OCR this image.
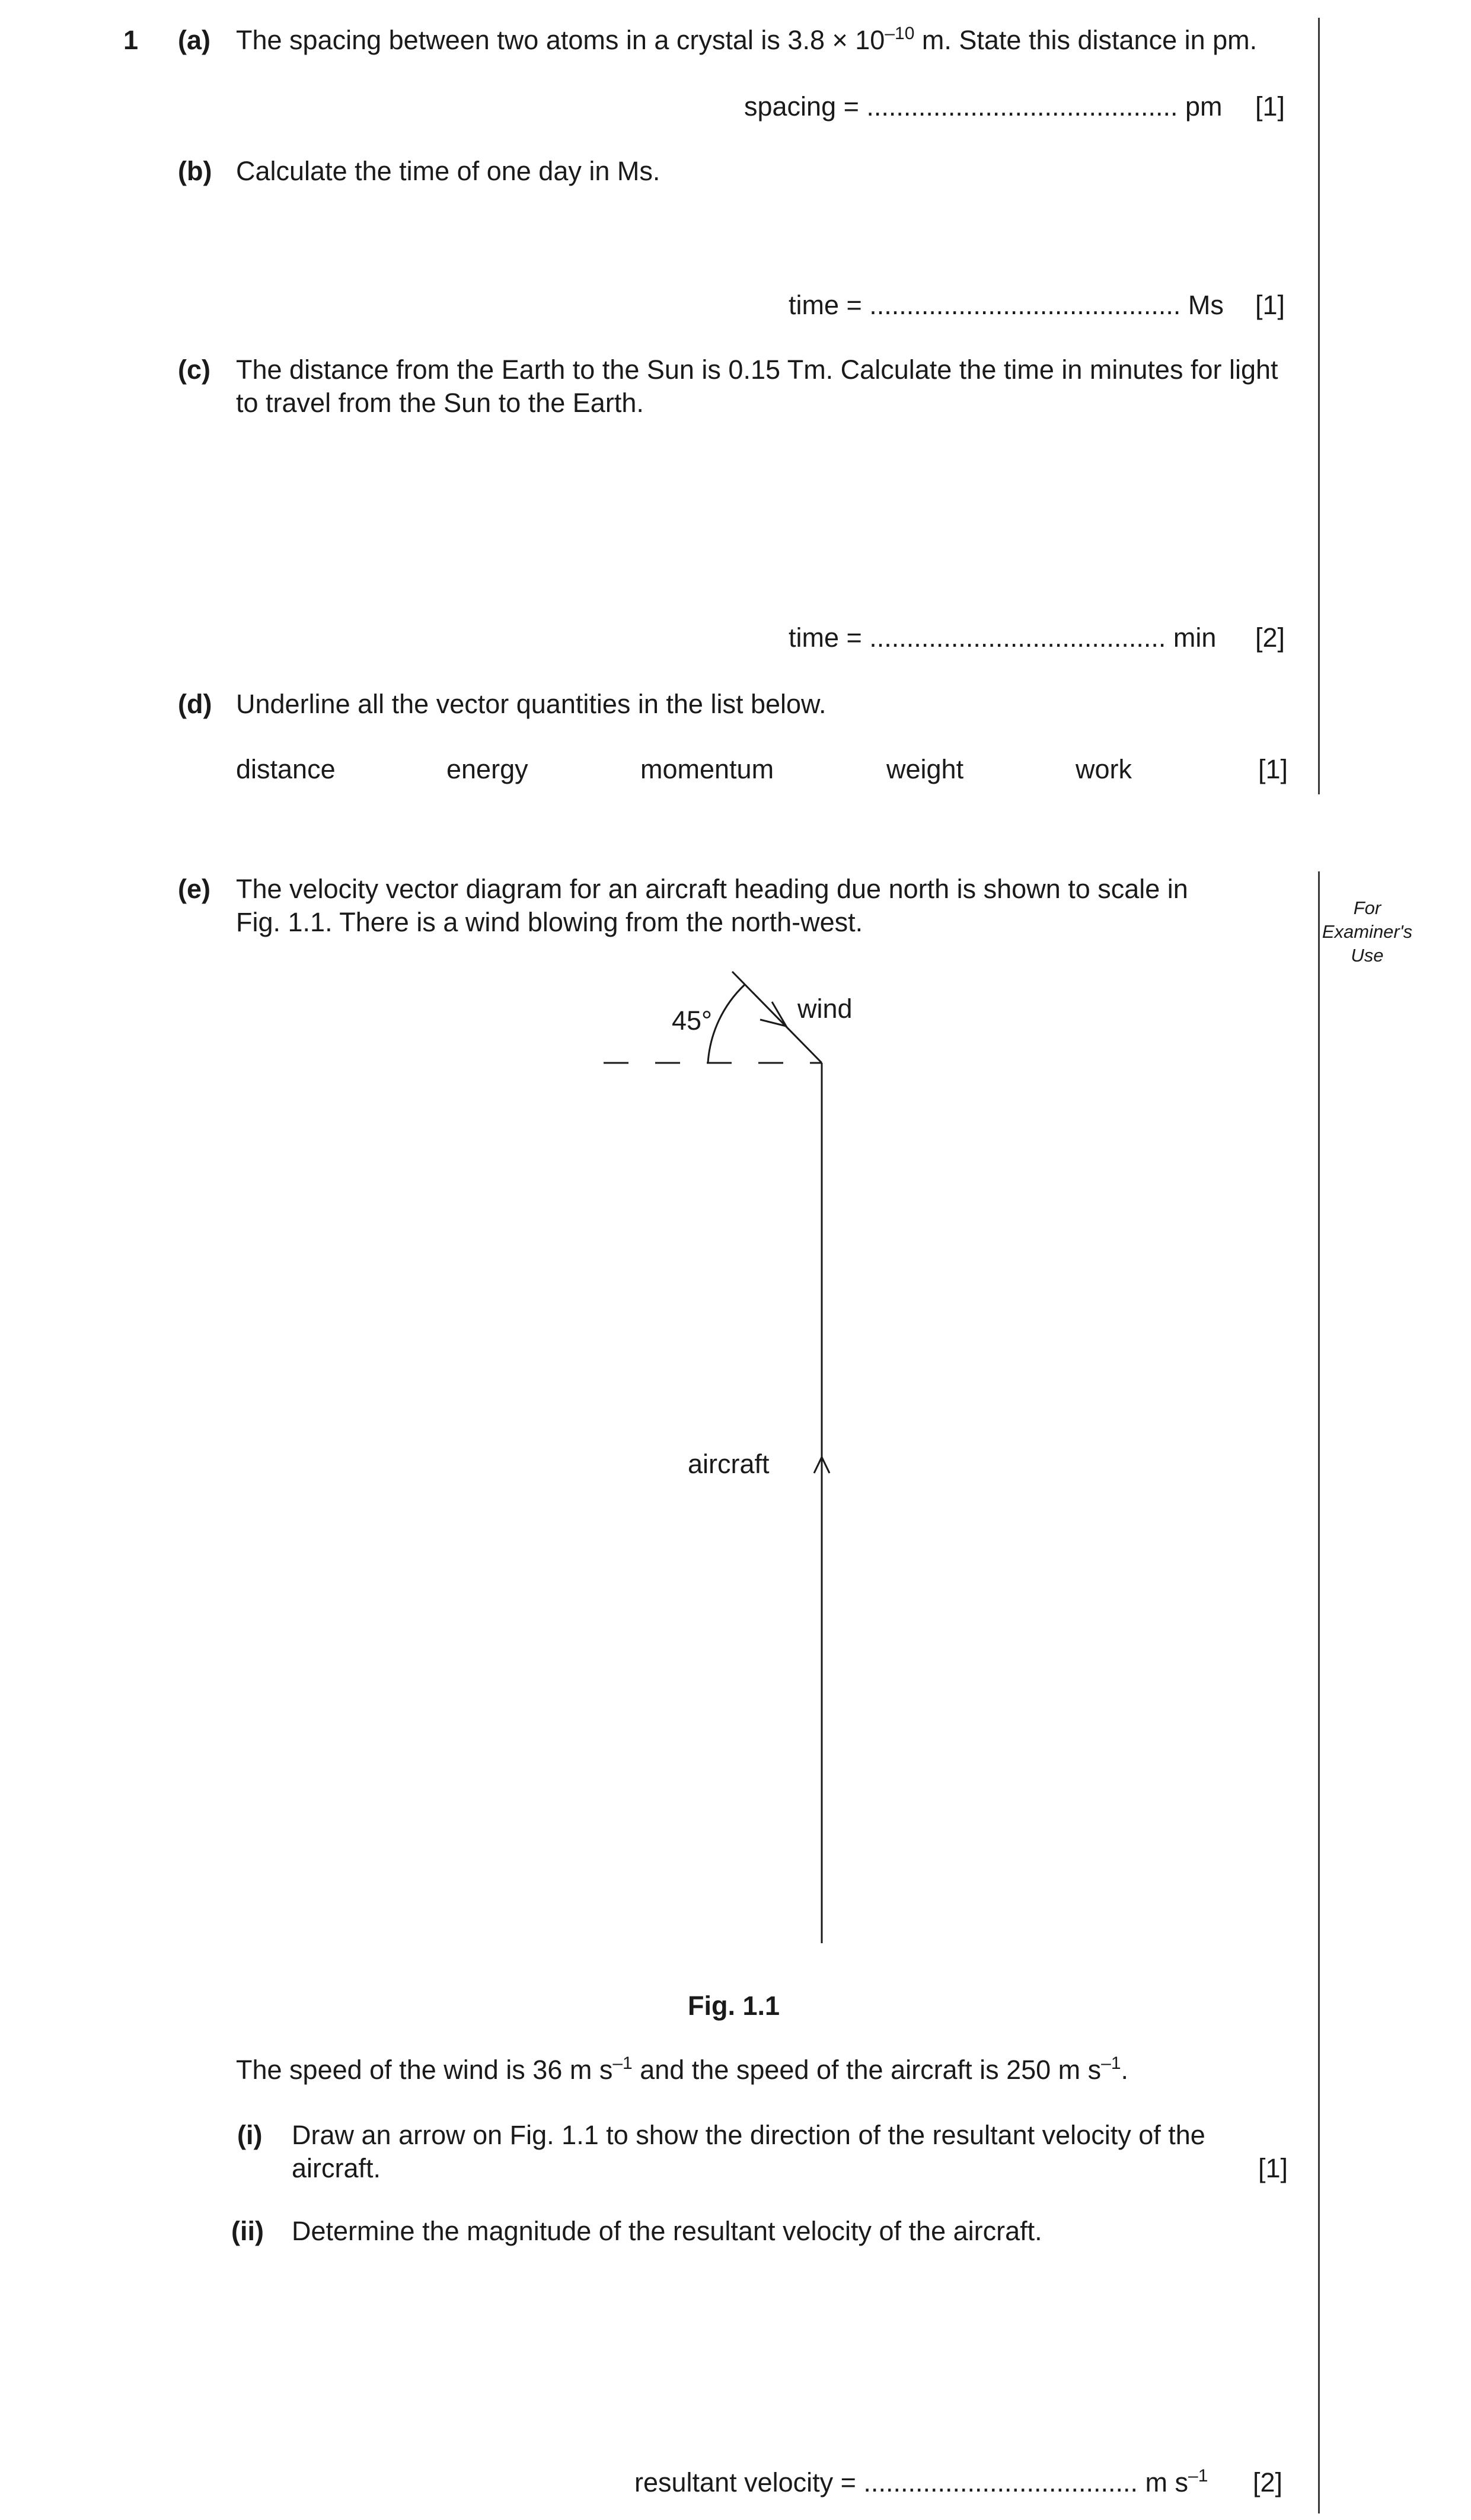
For
Examiner's
Use
1 (a) The spacing between two atoms in a crystal is $3.8 \times 10^{-10}$ m. State this distance in pm.
spacing = .......................................... pm [1]
(b) Calculate the time of one day in Ms.
time = .......................................... Ms [1]
(c) The distance from the Earth to the Sun is 0.15 Tm. Calculate the time in minutes for light
to travel from the Sun to the Earth.
time = ........................................ min [2]
(d) Underline all the vector quantities in the list below.
distance	energy	momentum	weight	work	[1]
(e) The velocity vector diagram for an aircraft heading due north is shown to scale in
Fig. 1.1. There is a wind blowing from the north-west.
45°	wind
aircraft
Fig. 1.1
The speed of the wind is 36 m $s^{-1}$ and the speed of the aircraft is 250 m $s^{-1}$.
(i) Draw an arrow on Fig. 1.1 to show the direction of the resultant velocity of the
aircraft.	[1]
(ii) Determine the magnitude of the resultant velocity of the aircraft.
resultant velocity = ..................................... m $s^{-1}$ [2]
